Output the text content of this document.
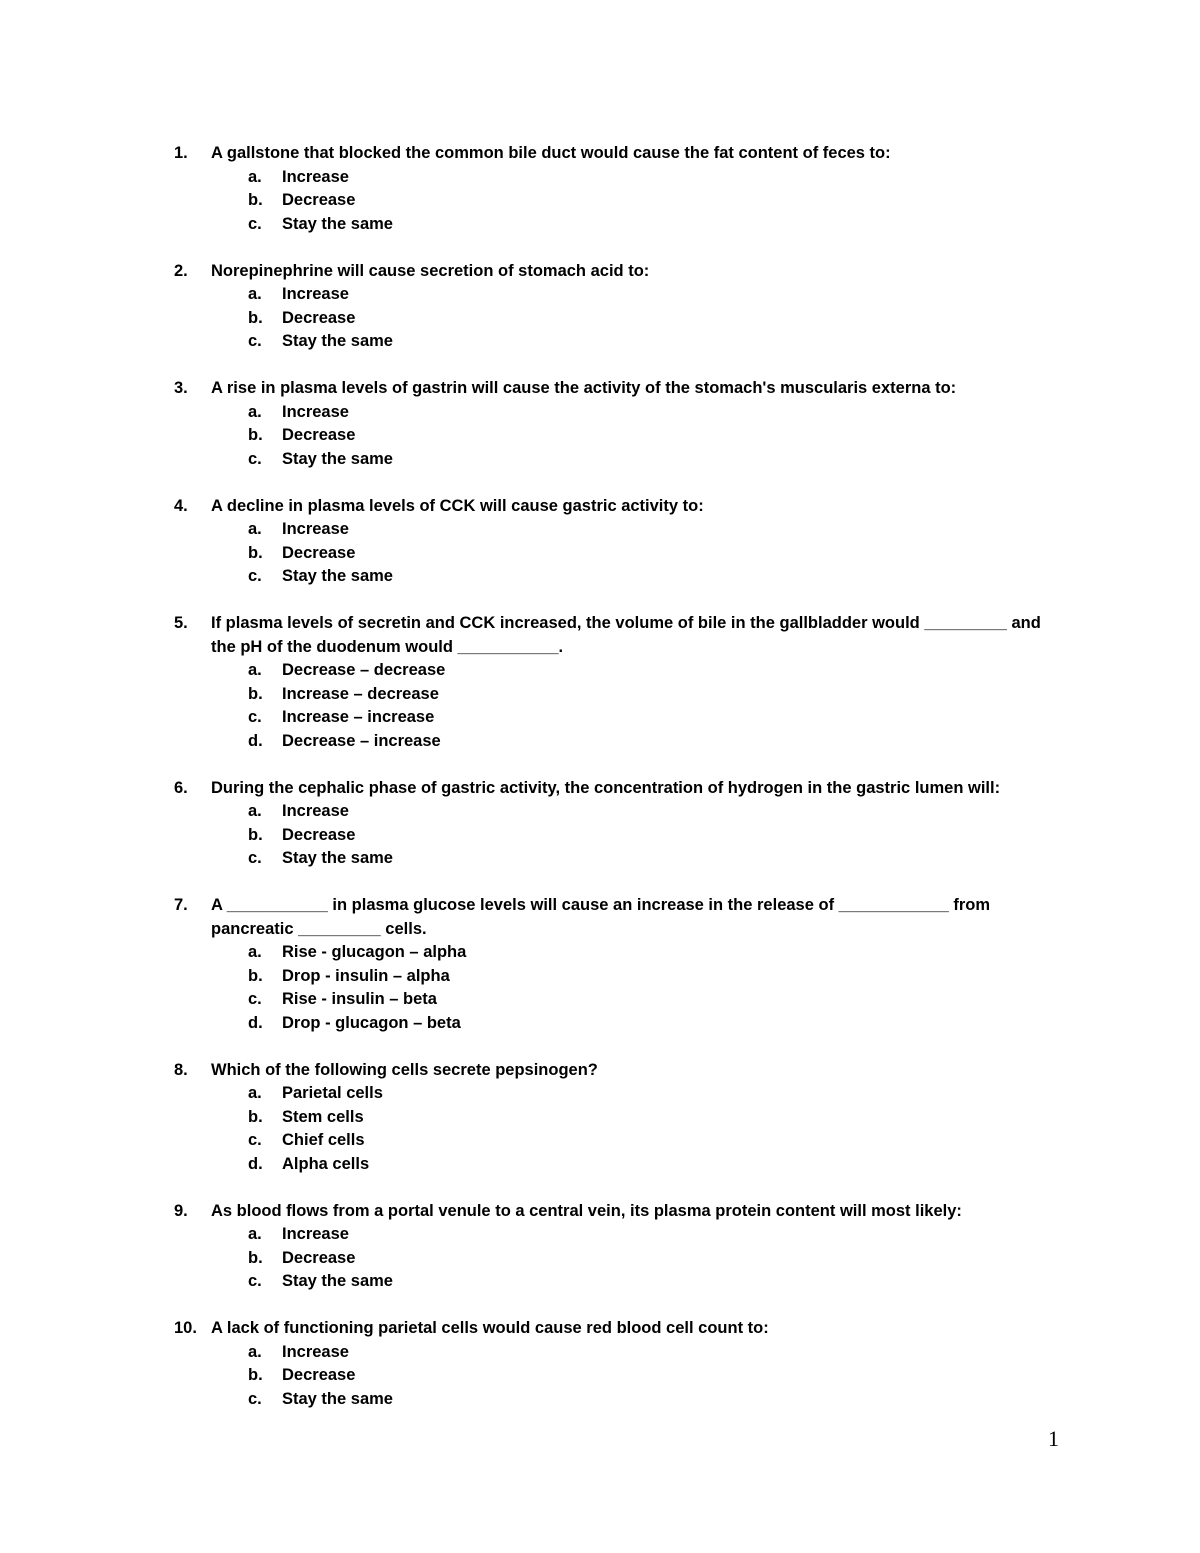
1.	A gallstone that blocked the common bile duct would cause the fat content of feces to:
a.	Increase
b.	Decrease
c.	Stay the same
2.	Norepinephrine will cause secretion of stomach acid to:
a.	Increase
b.	Decrease
c.	Stay the same
3.	A rise in plasma levels of gastrin will cause the activity of the stomach's muscularis externa to:
a.	Increase
b.	Decrease
c.	Stay the same
4.	A decline in plasma levels of CCK will cause gastric activity to:
a.	Increase
b.	Decrease
c.	Stay the same
5.	If plasma levels of secretin and CCK increased, the volume of bile in the gallbladder would _________ and the pH of the duodenum would ___________.
a.	Decrease – decrease
b.	Increase – decrease
c.	Increase – increase
d.	Decrease – increase
6.	During the cephalic phase of gastric activity, the concentration of hydrogen in the gastric lumen will:
a.	Increase
b.	Decrease
c.	Stay the same
7.	A ___________ in plasma glucose levels will cause an increase in the release of ____________ from pancreatic _________ cells.
a.	Rise - glucagon – alpha
b.	Drop - insulin – alpha
c.	Rise - insulin – beta
d.	Drop - glucagon – beta
8.	Which of the following cells secrete pepsinogen?
a.	Parietal cells
b.	Stem cells
c.	Chief cells
d.	Alpha cells
9.	As blood flows from a portal venule to a central vein, its plasma protein content will most likely:
a.	Increase
b.	Decrease
c.	Stay the same
10. A lack of functioning parietal cells would cause red blood cell count to:
a.	Increase
b.	Decrease
c.	Stay the same
1
